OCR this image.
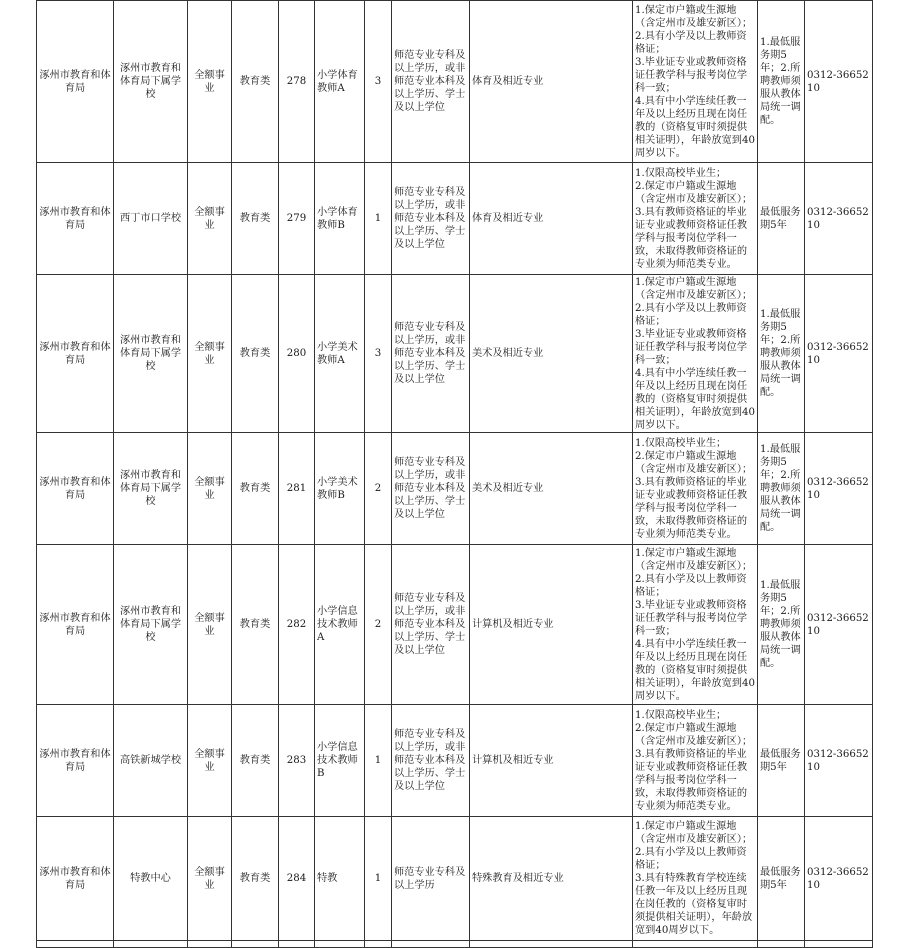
涿州市教育和体育局	涿州市教育和体育局下属学校	全额事业	教育类	278	小学体育教师A	3	师范专业专科及以上学历，或非师范专业本科及以上学历、学士及以上学位	体育及相近专业	1.保定市户籍或生源地（含定州市及雄安新区）；
2.具有小学及以上教师资格证；
3.毕业证专业或教师资格证任教学科与报考岗位学科一致；
4.具有中小学连续任教一年及以上经历且现在岗任教的（资格复审时须提供相关证明），年龄放宽到40周岁以下。	1.最低服务期5年；2.所聘教师须服从教体局统一调配。	0312-3665210
涿州市教育和体育局	西丁市口学校	全额事业	教育类	279	小学体育教师B	1	师范专业专科及以上学历，或非师范专业本科及以上学历、学士及以上学位	体育及相近专业	1.仅限高校毕业生；
2.保定市户籍或生源地（含定州市及雄安新区）；
3.具有教师资格证的毕业证专业或教师资格证任教学科与报考岗位学科一致，未取得教师资格证的专业须为师范类专业。	最低服务期5年	0312-3665210
涿州市教育和体育局	涿州市教育和体育局下属学校	全额事业	教育类	280	小学美术教师A	3	师范专业专科及以上学历，或非师范专业本科及以上学历、学士及以上学位	美术及相近专业	1.保定市户籍或生源地（含定州市及雄安新区）；
2.具有小学及以上教师资格证；
3.毕业证专业或教师资格证任教学科与报考岗位学科一致；
4.具有中小学连续任教一年及以上经历且现在岗任教的（资格复审时须提供相关证明），年龄放宽到40周岁以下。	1.最低服务期5年；2.所聘教师须服从教体局统一调配。	0312-3665210
涿州市教育和体育局	涿州市教育和体育局下属学校	全额事业	教育类	281	小学美术教师B	2	师范专业专科及以上学历，或非师范专业本科及以上学历、学士及以上学位	美术及相近专业	1.仅限高校毕业生；
2.保定市户籍或生源地（含定州市及雄安新区）；
3.具有教师资格证的毕业证专业或教师资格证任教学科与报考岗位学科一致，未取得教师资格证的专业须为师范类专业。	1.最低服务期5年；2.所聘教师须服从教体局统一调配。	0312-3665210
涿州市教育和体育局	涿州市教育和体育局下属学校	全额事业	教育类	282	小学信息技术教师A	2	师范专业专科及以上学历，或非师范专业本科及以上学历、学士及以上学位	计算机及相近专业	1.保定市户籍或生源地（含定州市及雄安新区）；
2.具有小学及以上教师资格证；
3.毕业证专业或教师资格证任教学科与报考岗位学科一致；
4.具有中小学连续任教一年及以上经历且现在岗任教的（资格复审时须提供相关证明），年龄放宽到40周岁以下。	1.最低服务期5年；2.所聘教师须服从教体局统一调配。	0312-3665210
涿州市教育和体育局	高铁新城学校	全额事业	教育类	283	小学信息技术教师B	1	师范专业专科及以上学历，或非师范专业本科及以上学历、学士及以上学位	计算机及相近专业	1.仅限高校毕业生；
2.保定市户籍或生源地（含定州市及雄安新区）；
3.具有教师资格证的毕业证专业或教师资格证任教学科与报考岗位学科一致，未取得教师资格证的专业须为师范类专业。	最低服务期5年	0312-3665210
涿州市教育和体育局	特教中心	全额事业	教育类	284	特教	1	师范专业专科及以上学历	特殊教育及相近专业	1.保定市户籍或生源地（含定州市及雄安新区）；
2.具有小学及以上教师资格证；
3.具有特殊教育学校连续任教一年及以上经历且现在岗任教的（资格复审时须提供相关证明），年龄放宽到40周岁以下。	最低服务期5年	0312-3665210
